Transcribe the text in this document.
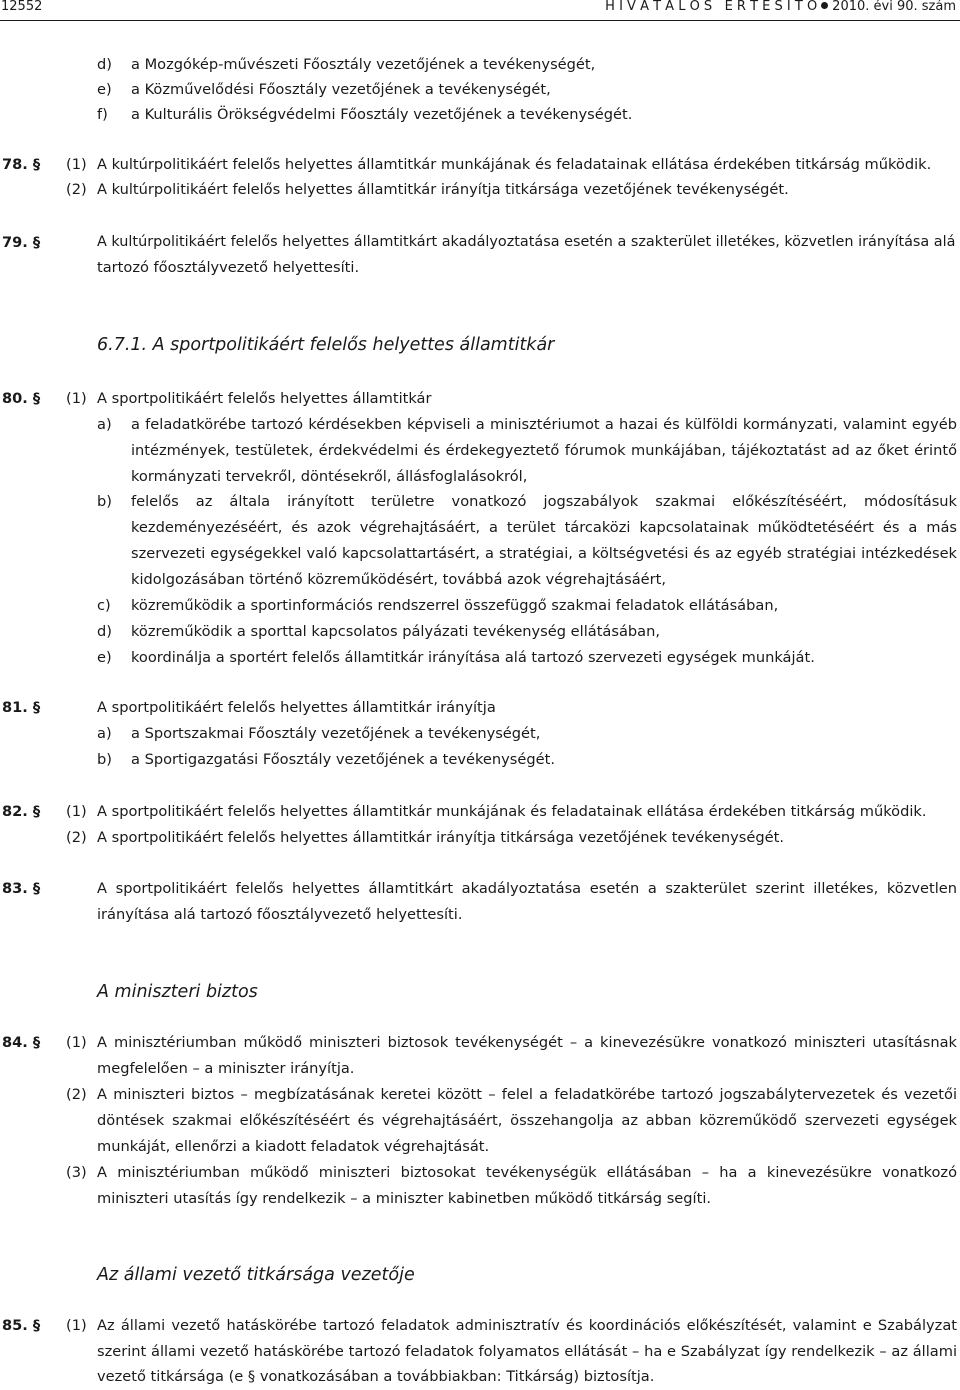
12552	H I V A T A L O S   É R T E S Í T Ő 2010. évi 90. szám
d) a Mozgókép-művészeti Főosztály vezetőjének a tevékenységét,
e) a Közművelődési Főosztály vezetőjének a tevékenységét,
f) a Kulturális Örökségvédelmi Főosztály vezetőjének a tevékenységét.
78. § (1) A kultúrpolitikáért felelős helyettes államtitkár munkájának és feladatainak ellátása érdekében titkárság működik.
(2) A kultúrpolitikáért felelős helyettes államtitkár irányítja titkársága vezetőjének tevékenységét.
79. §	A kultúrpolitikáért felelős helyettes államtitkárt akadályoztatása esetén a szakterület illetékes, közvetlen irányítása alá
tartozó főosztályvezető helyettesíti.
6.7.1. A sportpolitikáért felelős helyettes államtitkár
80. § (1) A sportpolitikáért felelős helyettes államtitkár
a) a feladatkörébe tartozó kérdésekben képviseli a minisztériumot a hazai és külföldi kormányzati, valamint egyéb
intézmények, testületek, érdekvédelmi és érdekegyeztető fórumok munkájában, tájékoztatást ad az őket érintő
kormányzati tervekről, döntésekről, állásfoglalásokról,
b) felelős az általa irányított területre vonatkozó jogszabályok szakmai előkészítéséért, módosításuk
kezdeményezéséért, és azok végrehajtásáért, a terület tárcaközi kapcsolatainak működtetéséért és a más
szervezeti egységekkel való kapcsolattartásért, a stratégiai, a költségvetési és az egyéb stratégiai intézkedések
kidolgozásában történő közreműködésért, továbbá azok végrehajtásáért,
c) közreműködik a sportinformációs rendszerrel összefüggő szakmai feladatok ellátásában,
d) közreműködik a sporttal kapcsolatos pályázati tevékenység ellátásában,
e) koordinálja a sportért felelős államtitkár irányítása alá tartozó szervezeti egységek munkáját.
81. §	A sportpolitikáért felelős helyettes államtitkár irányítja
a) a Sportszakmai Főosztály vezetőjének a tevékenységét,
b) a Sportigazgatási Főosztály vezetőjének a tevékenységét.
82. § (1) A sportpolitikáért felelős helyettes államtitkár munkájának és feladatainak ellátása érdekében titkárság működik.
(2) A sportpolitikáért felelős helyettes államtitkár irányítja titkársága vezetőjének tevékenységét.
83. §	A sportpolitikáért felelős helyettes államtitkárt akadályoztatása esetén a szakterület szerint illetékes, közvetlen
irányítása alá tartozó főosztályvezető helyettesíti.
A miniszteri biztos
84. § (1) A minisztériumban működő miniszteri biztosok tevékenységét – a kinevezésükre vonatkozó miniszteri utasításnak
megfelelően – a miniszter irányítja.
(2) A miniszteri biztos – megbízatásának keretei között – felel a feladatkörébe tartozó jogszabálytervezetek és vezetői
döntések szakmai előkészítéséért és végrehajtásáért, összehangolja az abban közreműködő szervezeti egységek
munkáját, ellenőrzi a kiadott feladatok végrehajtását.
(3) A minisztériumban működő miniszteri biztosokat tevékenységük ellátásában – ha a kinevezésükre vonatkozó
miniszteri utasítás így rendelkezik – a miniszter kabinetben működő titkárság segíti.
Az állami vezető titkársága vezetője
85. § (1) Az állami vezető hatáskörébe tartozó feladatok adminisztratív és koordinációs előkészítését, valamint e Szabályzat
szerint állami vezető hatáskörébe tartozó feladatok folyamatos ellátását – ha e Szabályzat így rendelkezik – az állami
vezető titkársága (e § vonatkozásában a továbbiakban: Titkárság) biztosítja.
